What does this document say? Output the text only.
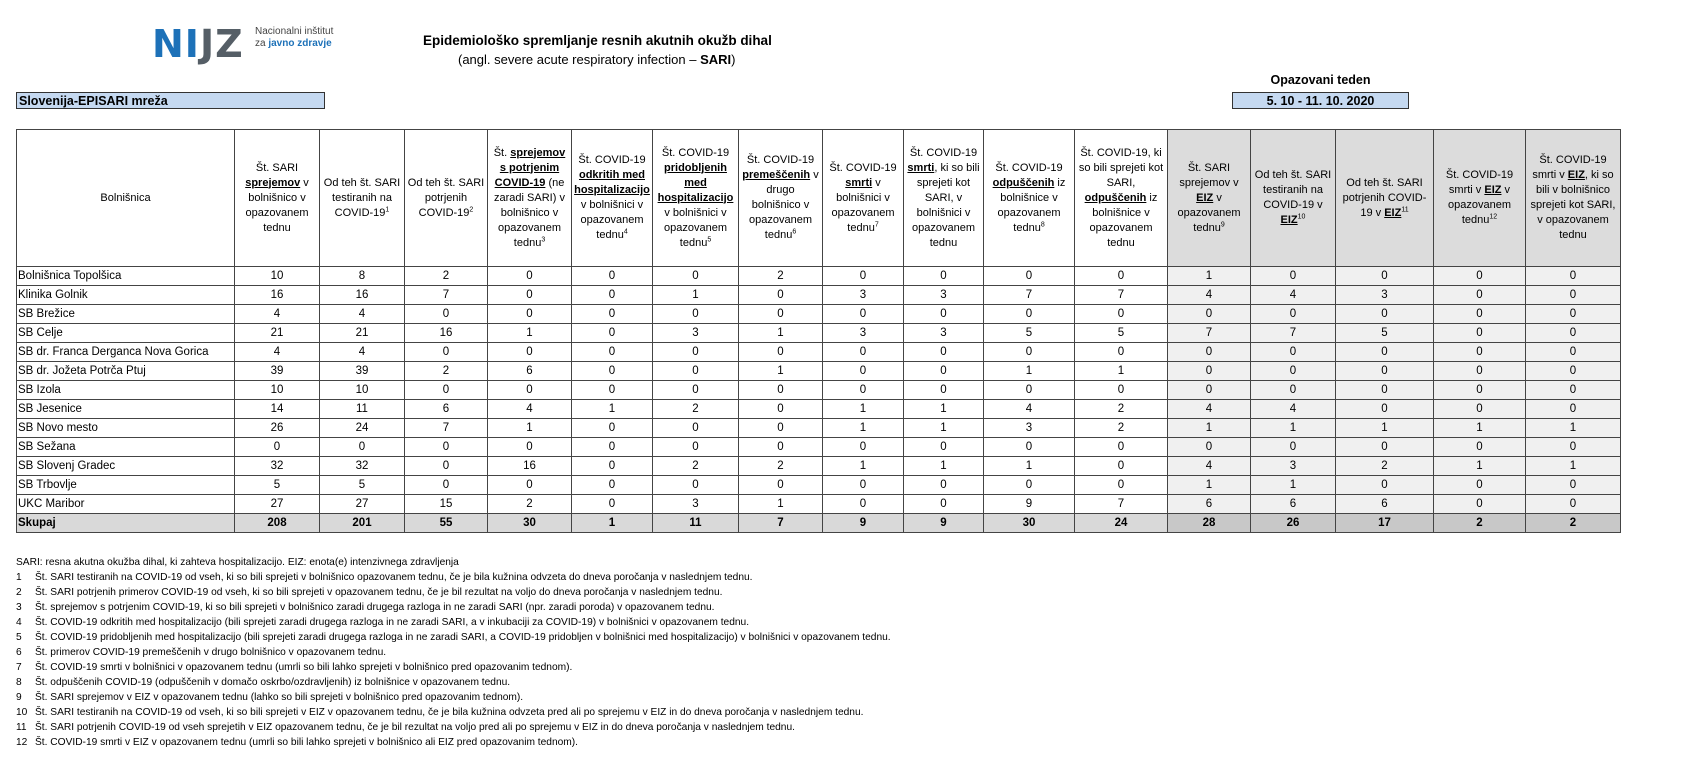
NIJZ Nacionalni inštitut
za javno zdravje	Epidemiološko spremljanje resnih akutnih okužb dihal
(angl. severe acute respiratory infection – SARI)
Slovenija-EPISARI mreža
Opazovani teden
5. 10 - 11. 10. 2020
Bolnišnica	Št. SARI sprejemov v bolnišnico v opazovanem tednu	Od teh št. SARI testiranih na COVID-19$^1$	Od teh št. SARI potrjenih COVID-19$^2$	Št. sprejemov s potrjenim COVID-19 (ne zaradi SARI) v bolnišnico v opazovanem tednu$^3$	Št. COVID-19 odkritih med hospitalizacijo v bolnišnici v opazovanem tednu$^4$	Št. COVID-19 pridobljenih med hospitalizacijo v bolnišnici v opazovanem tednu$^5$	Št. COVID-19 premeščenih v drugo bolnišnico v opazovanem tednu$^6$	Št. COVID-19 smrti v bolnišnici v opazovanem tednu$^7$	Št. COVID-19 smrti, ki so bili sprejeti kot SARI, v bolnišnici v opazovanem tednu	Št. COVID-19 odpuščenih iz bolnišnice v opazovanem tednu$^8$	Št. COVID-19, ki so bili sprejeti kot SARI, odpuščenih iz bolnišnice v opazovanem tednu	Št. SARI sprejemov v EIZ v opazovanem tednu$^9$	Od teh št. SARI testiranih na COVID-19 v EIZ$^{10}$	Od teh št. SARI potrjenih COVID-19 v EIZ$^{11}$	Št. COVID-19 smrti v EIZ v opazovanem tednu$^{12}$	Št. COVID-19 smrti v EIZ, ki so bili v bolnišnico sprejeti kot SARI, v opazovanem tednu
Bolnišnica Topolšica	10	8	2	0	0	0	2	0	0	0	0	1	0	0	0	0
Klinika Golnik	16	16	7	0	0	1	0	3	3	7	7	4	4	3	0	0
SB Brežice	4	4	0	0	0	0	0	0	0	0	0	0	0	0	0	0
SB Celje	21	21	16	1	0	3	1	3	3	5	5	7	7	5	0	0
SB dr. Franca Derganca Nova Gorica	4	4	0	0	0	0	0	0	0	0	0	0	0	0	0	0
SB dr. Jožeta Potrča Ptuj	39	39	2	6	0	0	1	0	0	1	1	0	0	0	0	0
SB Izola	10	10	0	0	0	0	0	0	0	0	0	0	0	0	0	0
SB Jesenice	14	11	6	4	1	2	0	1	1	4	2	4	4	0	0	0
SB Novo mesto	26	24	7	1	0	0	0	1	1	3	2	1	1	1	1	1
SB Sežana	0	0	0	0	0	0	0	0	0	0	0	0	0	0	0	0
SB Slovenj Gradec	32	32	0	16	0	2	2	1	1	1	0	4	3	2	1	1
SB Trbovlje	5	5	0	0	0	0	0	0	0	0	0	1	1	0	0	0
UKC Maribor	27	27	15	2	0	3	1	0	0	9	7	6	6	6	0	0
Skupaj	208	201	55	30	1	11	7	9	9	30	24	28	26	17	2	2
SARI: resna akutna okužba dihal, ki zahteva hospitalizacijo. EIZ: enota(e) intenzivnega zdravljenja
1 Št. SARI testiranih na COVID-19 od vseh, ki so bili sprejeti v bolnišnico opazovanem tednu, če je bila kužnina odvzeta do dneva poročanja v naslednjem tednu.
2 Št. SARI potrjenih primerov COVID-19 od vseh, ki so bili sprejeti v opazovanem tednu, če je bil rezultat na voljo do dneva poročanja v naslednjem tednu.
3 Št. sprejemov s potrjenim COVID-19, ki so bili sprejeti v bolnišnico zaradi drugega razloga in ne zaradi SARI (npr. zaradi poroda) v opazovanem tednu.
4 Št. COVID-19 odkritih med hospitalizacijo (bili sprejeti zaradi drugega razloga in ne zaradi SARI, a v inkubaciji za COVID-19) v bolnišnici v opazovanem tednu.
5 Št. COVID-19 pridobljenih med hospitalizacijo (bili sprejeti zaradi drugega razloga in ne zaradi SARI, a COVID-19 pridobljen v bolnišnici med hospitalizacijo) v bolnišnici v opazovanem tednu.
6 Št. primerov COVID-19 premeščenih v drugo bolnišnico v opazovanem tednu.
7 Št. COVID-19 smrti v bolnišnici v opazovanem tednu (umrli so bili lahko sprejeti v bolnišnico pred opazovanim tednom).
8 Št. odpuščenih COVID-19 (odpuščenih v domačo oskrbo/ozdravljenih) iz bolnišnice v opazovanem tednu.
9 Št. SARI sprejemov v EIZ v opazovanem tednu (lahko so bili sprejeti v bolnišnico pred opazovanim tednom).
10 Št. SARI testiranih na COVID-19 od vseh, ki so bili sprejeti v EIZ v opazovanem tednu, če je bila kužnina odvzeta pred ali po sprejemu v EIZ in do dneva poročanja v naslednjem tednu.
11 Št. SARI potrjenih COVID-19 od vseh sprejetih v EIZ opazovanem tednu, če je bil rezultat na voljo pred ali po sprejemu v EIZ in do dneva poročanja v naslednjem tednu.
12 Št. COVID-19 smrti v EIZ v opazovanem tednu (umrli so bili lahko sprejeti v bolnišnico ali EIZ pred opazovanim tednom).
